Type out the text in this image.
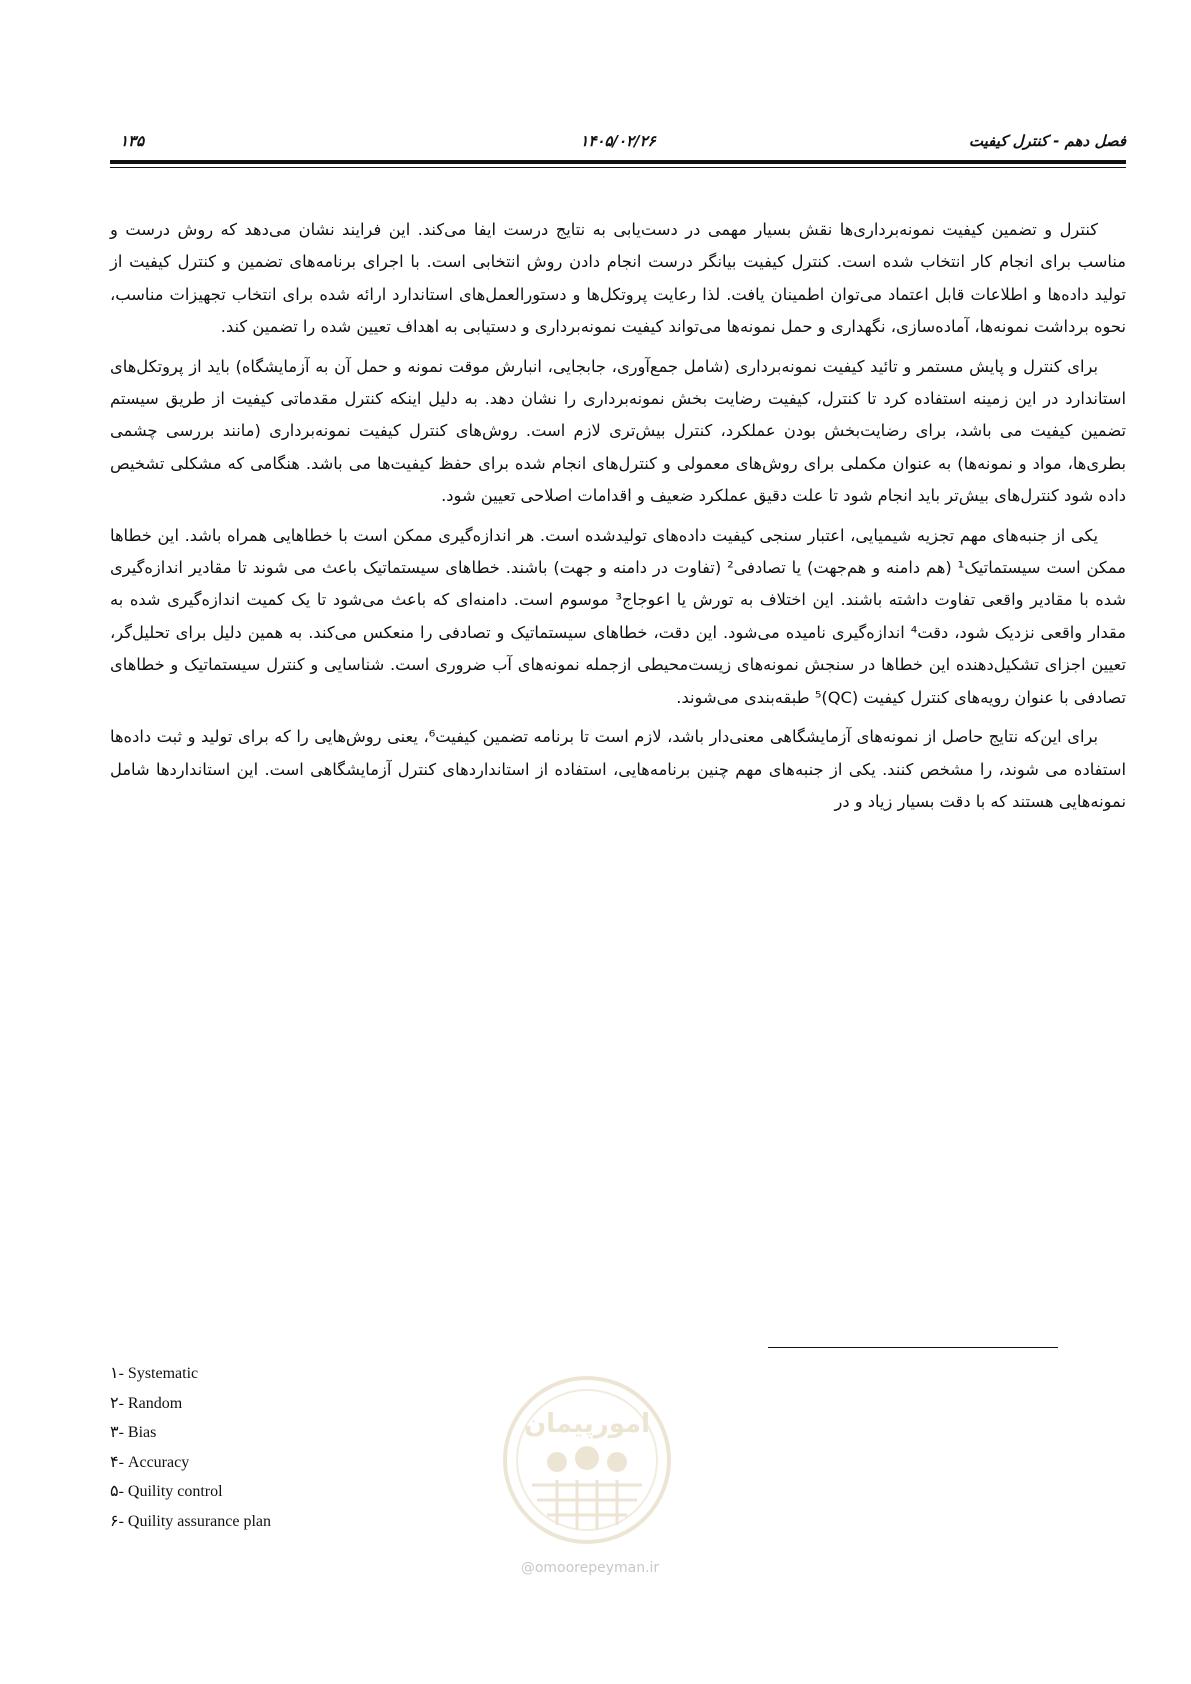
۱۳۵	۱۴۰۵/۰۲/۲۶	فصل دهم - کنترل کیفیت

کنترل و تضمین کیفیت نمونه‌برداری‌ها نقش بسیار مهمی در دست‌یابی به نتایج درست ایفا می‌کند. این فرایند نشان می‌دهد که روش درست و مناسب برای انجام کار انتخاب شده است. کنترل کیفیت بیانگر درست انجام دادن روش انتخابی است. با اجرای برنامه‌های تضمین و کنترل کیفیت از تولید داده‌ها و اطلاعات قابل اعتماد می‌توان اطمینان یافت. لذا رعایت پروتکل‌ها و دستورالعمل‌های استاندارد ارائه شده برای انتخاب تجهیزات مناسب، نحوه برداشت نمونه‌ها، آماده‌سازی، نگهداری و حمل نمونه‌ها می‌تواند کیفیت نمونه‌برداری و دستیابی به اهداف تعیین شده را تضمین کند.

برای کنترل و پایش مستمر و تائید کیفیت نمونه‌برداری (شامل جمع‌آوری، جابجایی، انبارش موقت نمونه و حمل آن به آزمایشگاه) باید از پروتکل‌های استاندارد در این زمینه استفاده کرد تا کنترل، کیفیت رضایت بخش نمونه‌برداری را نشان دهد. به دلیل اینکه کنترل مقدماتی کیفیت از طریق سیستم تضمین کیفیت می باشد، برای رضایت‌بخش بودن عملکرد، کنترل بیش‌تری لازم است. روش‌های کنترل کیفیت نمونه‌برداری (مانند بررسی چشمی بطری‌ها، مواد و نمونه‌ها) به عنوان مکملی برای روش‌های معمولی و کنترل‌های انجام شده برای حفظ کیفیت‌ها می باشد. هنگامی که مشکلی تشخیص داده شود کنترل‌های بیش‌تر باید انجام شود تا علت دقیق عملکرد ضعیف و اقدامات اصلاحی تعیین شود.

یکی از جنبه‌های مهم تجزیه شیمیایی، اعتبار سنجی کیفیت داده‌های تولیدشده است. هر اندازه‌گیری ممکن است با خطاهایی همراه باشد. این خطاها ممکن است سیستماتیک¹ (هم دامنه و هم‌جهت) یا تصادفی² (تفاوت در دامنه و جهت) باشند. خطاهای سیستماتیک باعث می شوند تا مقادیر اندازه‌گیری شده با مقادیر واقعی تفاوت داشته باشند. این اختلاف به تورش یا اعوجاج³ موسوم است. دامنه‌ای که باعث می‌شود تا یک کمیت اندازه‌گیری شده به مقدار واقعی نزدیک شود، دقت⁴ اندازه‌گیری نامیده می‌شود. این دقت، خطاهای سیستماتیک و تصادفی را منعکس می‌کند. به همین دلیل برای تحلیل‌گر، تعیین اجزای تشکیل‌دهنده این خطاها در سنجش نمونه‌های زیست‌محیطی ازجمله نمونه‌های آب ضروری است. شناسایی و کنترل سیستماتیک و خطاهای تصادفی با عنوان رویه‌های کنترل کیفیت (QC)⁵ طبقه‌بندی می‌شوند.

برای این‌که نتایج حاصل از نمونه‌های آزمایشگاهی معنی‌دار باشد، لازم است تا برنامه تضمین کیفیت⁶، یعنی روش‌هایی را که برای تولید و ثبت داده‌ها استفاده می شوند، را مشخص کنند. یکی از جنبه‌های مهم چنین برنامه‌هایی، استفاده از استانداردهای کنترل آزمایشگاهی است. این استانداردها شامل نمونه‌هایی هستند که با دقت بسیار زیاد و در

۱- Systematic
۲- Random
۳- Bias
۴- Accuracy
۵- Quility control
۶- Quility assurance plan
امورپیمان
@omoorepeyman.ir
